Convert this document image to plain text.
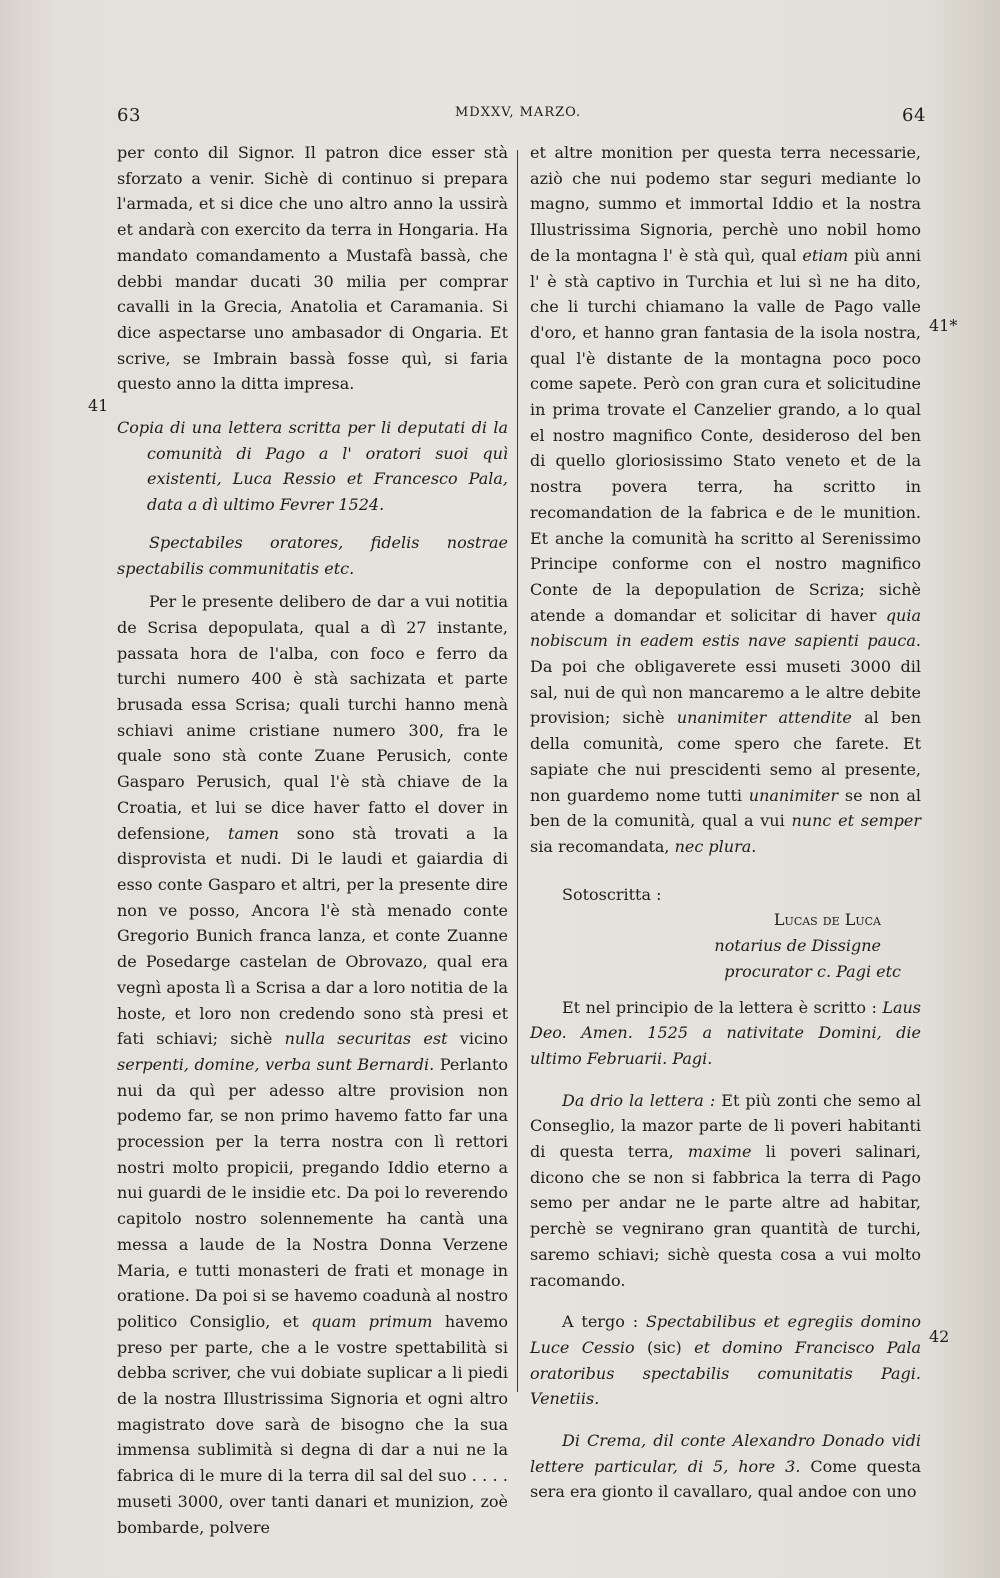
63	MDXXV, MARZO.	64
41
41*
42

per conto dil Signor. Il patron dice esser stà sforzato a venir. Sichè di continuo si prepara l'armada, et si dice che uno altro anno la ussirà et andarà con exercito da terra in Hongaria. Ha mandato comandamento a Mustafà bassà, che debbi mandar ducati 30 milia per comprar cavalli in la Grecia, Anatolia et Caramania. Si dice aspectarse uno ambasador di Ongaria. Et scrive, se Imbrain bassà fosse quì, si faria questo anno la ditta impresa.

Copia di una lettera scritta per li deputati di la comunità di Pago a l' oratori suoi quì existenti, Luca Ressio et Francesco Pala, data a dì ultimo Fevrer 1524.

Spectabiles oratores, fidelis nostrae spectabilis communitatis etc.

Per le presente delibero de dar a vui notitia de Scrisa depopulata, qual a dì 27 instante, passata hora de l'alba, con foco e ferro da turchi numero 400 è stà sachizata et parte brusada essa Scrisa; quali turchi hanno menà schiavi anime cristiane numero 300, fra le quale sono stà conte Zuane Perusich, conte Gasparo Perusich, qual l'è stà chiave de la Croatia, et lui se dice haver fatto el dover in defensione, tamen sono stà trovati a la disprovista et nudi. Di le laudi et gaiardia di esso conte Gasparo et altri, per la presente dire non ve posso, Ancora l'è stà menado conte Gregorio Bunich franca lanza, et conte Zuanne de Posedarge castelan de Obrovazo, qual era vegnì aposta lì a Scrisa a dar a loro notitia de la hoste, et loro non credendo sono stà presi et fati schiavi; sichè nulla securitas est vicino serpenti, domine, verba sunt Bernardi. Perlanto nui da quì per adesso altre provision non podemo far, se non primo havemo fatto far una procession per la terra nostra con lì rettori nostri molto propicii, pregando Iddio eterno a nui guardi de le insidie etc. Da poi lo reverendo capitolo nostro solennemente ha cantà una messa a laude de la Nostra Donna Verzene Maria, e tutti monasteri de frati et monage in oratione. Da poi si se havemo coadunà al nostro politico Consiglio, et quam primum havemo preso per parte, che a le vostre spettabilità si debba scriver, che vui dobiate suplicar a li piedi de la nostra Illustrissima Signoria et ogni altro magistrato dove sarà de bisogno che la sua immensa sublimità si degna di dar a nui ne la fabrica di le mure di la terra dil sal del suo . . . . museti 3000, over tanti danari et munizion, zoè bombarde, polvere

et altre monition per questa terra necessarie, aziò che nui podemo star seguri mediante lo magno, summo et immortal Iddio et la nostra Illustrissima Signoria, perchè uno nobil homo de la montagna l' è stà quì, qual etiam più anni l' è stà captivo in Turchia et lui sì ne ha dito, che li turchi chiamano la valle de Pago valle d'oro, et hanno gran fantasia de la isola nostra, qual l'è distante de la montagna poco poco come sapete. Però con gran cura et solicitudine in prima trovate el Canzelier grando, a lo qual el nostro magnifico Conte, desideroso del ben di quello gloriosissimo Stato veneto et de la nostra povera terra, ha scritto in recomandation de la fabrica e de le munition. Et anche la comunità ha scritto al Serenissimo Principe conforme con el nostro magnifico Conte de la depopulation de Scriza; sichè atende a domandar et solicitar di haver quia nobiscum in eadem estis nave sapienti pauca. Da poi che obligaverete essi museti 3000 dil sal, nui de quì non mancaremo a le altre debite provision; sichè unanimiter attendite al ben della comunità, come spero che farete. Et sapiate che nui prescidenti semo al presente, non guardemo nome tutti unanimiter se non al ben de la comunità, qual a vui nunc et semper sia recomandata, nec plura.

Sotoscritta :

Lucas de Luca

notarius de Dissigne

procurator c. Pagi etc

Et nel principio de la lettera è scritto : Laus Deo. Amen. 1525 a nativitate Domini, die ultimo Februarii. Pagi.

Da drio la lettera : Et più zonti che semo al Conseglio, la mazor parte de li poveri habitanti di questa terra, maxime li poveri salinari, dicono che se non si fabbrica la terra di Pago semo per andar ne le parte altre ad habitar, perchè se vegnirano gran quantità de turchi, saremo schiavi; sichè questa cosa a vui molto racomando.

A tergo : Spectabilibus et egregiis domino Luce Cessio (sic) et domino Francisco Pala oratoribus spectabilis comunitatis Pagi. Venetiis.

Di Crema, dil conte Alexandro Donado vidi lettere particular, di 5, hore 3. Come questa sera era gionto il cavallaro, qual andoe con uno
